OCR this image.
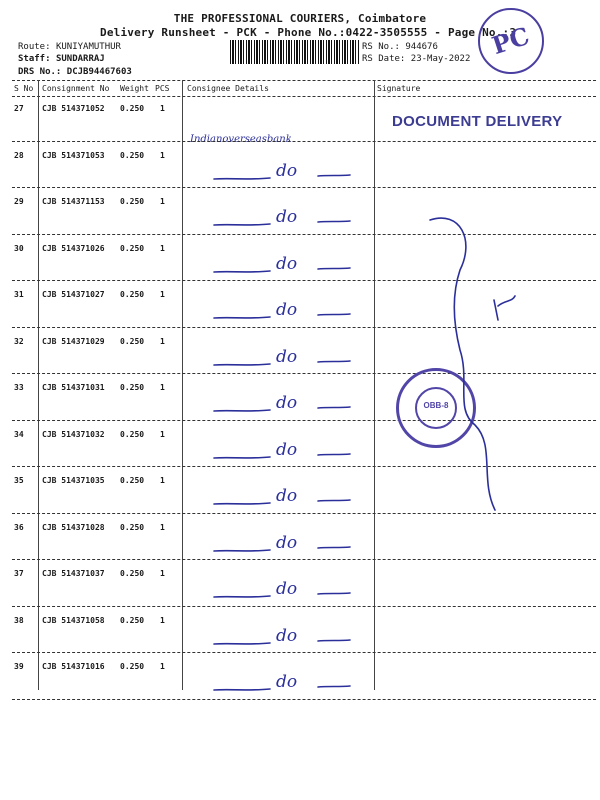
THE PROFESSIONAL COURIERS, Coimbatore
Delivery Runsheet - PCK - Phone No.:0422-3505555 - Page No.:3
Route: KUNIYAMUTHUR
Staff: SUNDARRAJ
DRS No.: DCJB94467603
RS No.: 944676
RS Date: 23-May-2022 PC
S No Consignment No Weight PCS Consignee Details	Signature
27 CJB 514371052 0.250 1
Indianoverseasbank
28 CJB 514371053 0.250 1
do
29 CJB 514371153 0.250 1
do
30 CJB 514371026 0.250 1
do
31 CJB 514371027 0.250 1
do
32 CJB 514371029 0.250 1
do
33 CJB 514371031 0.250 1
do
34 CJB 514371032 0.250 1
do
35 CJB 514371035 0.250 1
do
36 CJB 514371028 0.250 1
do
37 CJB 514371037 0.250 1
do
38 CJB 514371058 0.250 1
do
39 CJB 514371016 0.250 1
do
DOCUMENT DELIVERY
OBB-8
